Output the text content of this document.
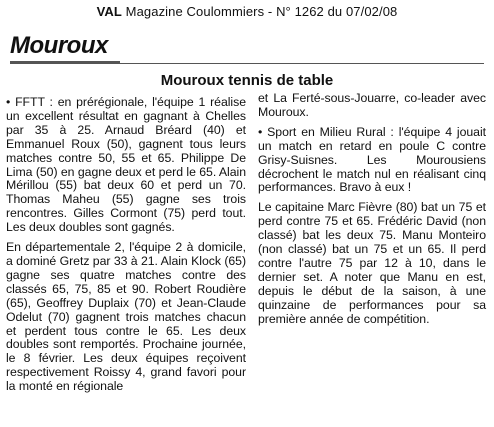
VAL Magazine Coulommiers - N° 1262 du 07/02/08
Mouroux
Mouroux tennis de table

• FFTT : en prérégionale, l'équipe 1 réalise un excellent résultat en gagnant à Chelles par 35 à 25. Arnaud Bréard (40) et Emmanuel Roux (50), gagnent tous leurs matches contre 50, 55 et 65. Philippe De Lima (50) en gagne deux et perd le 65. Alain Mérillou (55) bat deux 60 et perd un 70. Thomas Maheu (55) gagne ses trois rencontres. Gilles Cormont (75) perd tout. Les deux doubles sont gagnés.

En départementale 2, l'équipe 2 à domicile, a dominé Gretz par 33 à 21. Alain Klock (65) gagne ses quatre matches contre des classés 65, 75, 85 et 90. Robert Roudière (65), Geoffrey Duplaix (70) et Jean-Claude Odelut (70) gagnent trois matches chacun et perdent tous contre le 65. Les deux doubles sont remportés. Prochaine journée, le 8 février. Les deux équipes reçoivent respectivement Roissy 4, grand favori pour la monté en régionale

et La Ferté-sous-Jouarre, co-leader avec Mouroux.

• Sport en Milieu Rural : l'équipe 4 jouait un match en retard en poule C contre Grisy-Suisnes. Les Mourousiens décrochent le match nul en réalisant cinq performances. Bravo à eux !

Le capitaine Marc Fièvre (80) bat un 75 et perd contre 75 et 65. Frédéric David (non classé) bat les deux 75. Manu Monteiro (non classé) bat un 75 et un 65. Il perd contre l'autre 75 par 12 à 10, dans le dernier set. A noter que Manu en est, depuis le début de la saison, à une quinzaine de performances pour sa première année de compétition.
